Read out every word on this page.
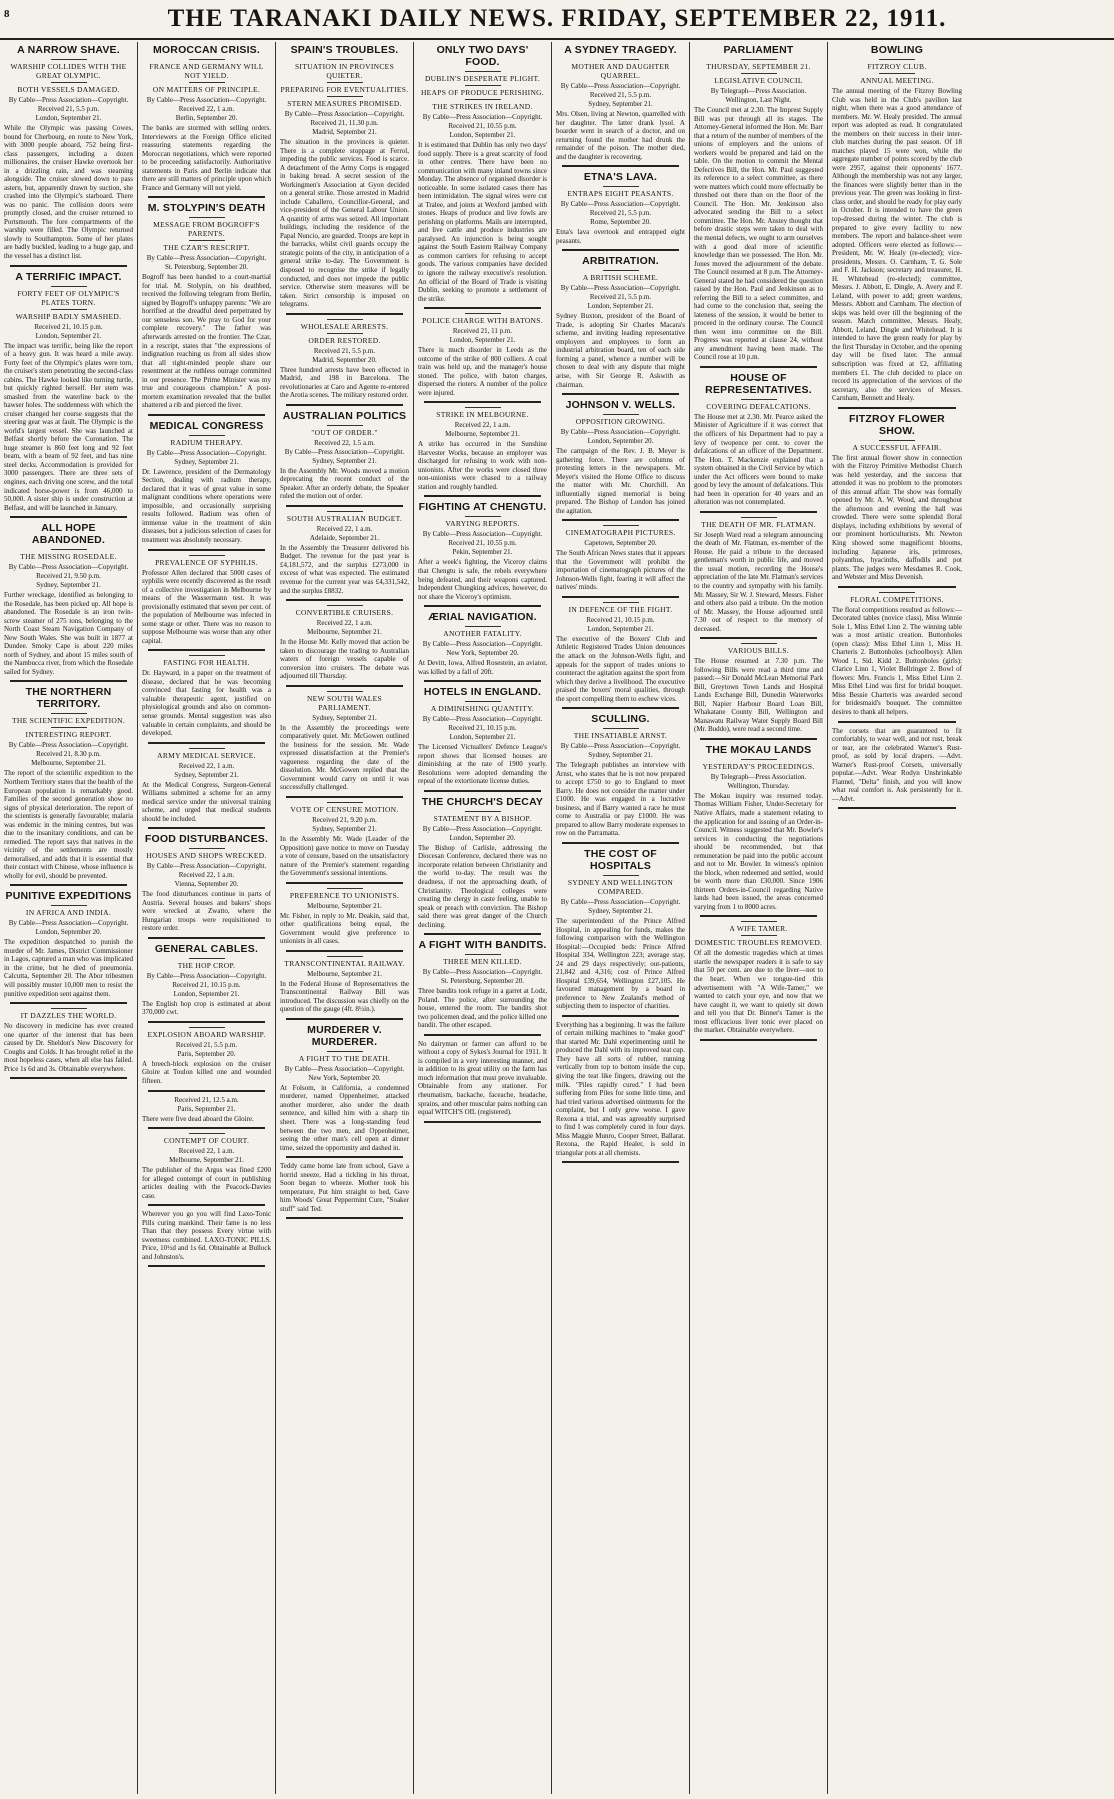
8	THE TARANAKI DAILY NEWS. FRIDAY, SEPTEMBER 22, 1911.
A NARROW SHAVE.
WARSHIP COLLIDES WITH THE GREAT OLYMPIC.
BOTH VESSELS DAMAGED.
By Cable—Press Association—Copyright.
Received 21, 5.5 p.m.
London, September 21.
While the Olympic was passing Cowes, bound for Cherbourg, en route to New York, with 3000 people aboard, 752 being first-class passengers, including a dozen millionaires, the cruiser Hawke overtook her in a drizzling rain, and was steaming alongside. The cruiser slowed down to pass astern, but, apparently drawn by suction, she crashed into the Olympic's starboard. There was no panic. The collision doors were promptly closed, and the cruiser returned to Portsmouth. The fore compartments of the warship were filled. The Olympic returned slowly to Southampton. Some of her plates are badly buckled, leading to a huge gap, and the vessel has a distinct list.
A TERRIFIC IMPACT.
FORTY FEET OF OLYMPIC'S PLATES TORN.
WARSHIP BADLY SMASHED.
Received 21, 10.15 p.m.
London, September 21.
The impact was terrific, being like the report of a heavy gun. It was heard a mile away. Forty feet of the Olympic's plates were torn, the cruiser's stem penetrating the second-class cabins. The Hawke looked like turning turtle, but quickly righted herself. Her stem was smashed from the waterline back to the hawser holes. The suddenness with which the cruiser changed her course suggests that the steering gear was at fault. The Olympic is the world's largest vessel. She was launched at Belfast shortly before the Coronation. The huge steamer is 860 feet long and 92 feet beam, with a beam of 92 feet, and has nine steel decks. Accommodation is provided for 3000 passengers. There are three sets of engines, each driving one screw, and the total indicated horse-power is from 46,000 to 50,000. A sister ship is under construction at Belfast, and will be launched in January.
ALL HOPE ABANDONED.
THE MISSING ROSEDALE.
By Cable—Press Association—Copyright.
Received 21, 9.50 p.m.
Sydney, September 21.
Further wreckage, identified as belonging to the Rosedale, has been picked up. All hope is abandoned. The Rosedale is an iron twin-screw steamer of 275 tons, belonging to the North Coast Steam Navigation Company of New South Wales. She was built in 1877 at Dundee. Smoky Cape is about 220 miles north of Sydney, and about 15 miles south of the Nambucca river, from which the Rosedale sailed for Sydney.
THE NORTHERN TERRITORY.
THE SCIENTIFIC EXPEDITION.
INTERESTING REPORT.
By Cable—Press Association—Copyright.
Received 21, 8.30 p.m.
Melbourne, September 21.
The report of the scientific expedition to the Northern Territory states that the health of the European population is remarkably good. Families of the second generation show no signs of physical deterioration. The report of the scientists is generally favourable; malaria was endemic in the mining centres, but was due to the insanitary conditions, and can be remedied. The report says that natives in the vicinity of the settlements are mostly demoralised, and adds that it is essential that their contact with Chinese, whose influence is wholly for evil, should be prevented.
PUNITIVE EXPEDITIONS
IN AFRICA AND INDIA.
By Cable—Press Association—Copyright.
London, September 20.
The expedition despatched to punish the murder of Mr. James, District Commissioner in Lagos, captured a man who was implicated in the crime, but he died of pneumonia. Calcutta, September 20. The Abor tribesmen will possibly muster 10,000 men to resist the punitive expedition sent against them.
IT DAZZLES THE WORLD.
No discovery in medicine has ever created one quarter of the interest that has been caused by Dr. Sheldon's New Discovery for Coughs and Colds. It has brought relief in the most hopeless cases, when all else has failed. Price 1s 6d and 3s. Obtainable everywhere.
MOROCCAN CRISIS.
FRANCE AND GERMANY WILL NOT YIELD.
ON MATTERS OF PRINCIPLE.
By Cable—Press Association—Copyright.
Received 22, 1 a.m.
Berlin, September 20.
The banks are stormed with selling orders. Interviewers at the Foreign Office elicited reassuring statements regarding the Moroccan negotiations, which were reported to be proceeding satisfactorily. Authoritative statements in Paris and Berlin indicate that there are still matters of principle upon which France and Germany will not yield.
M. STOLYPIN'S DEATH
MESSAGE FROM BOGROFF'S PARENTS.
THE CZAR'S RESCRIPT.
By Cable—Press Association—Copyright.
St. Petersburg, September 20.
Bogroff has been handed to a court-martial for trial. M. Stolypin, on his deathbed, received the following telegram from Berlin, signed by Bogroff's unhappy parents: "We are horrified at the dreadful deed perpetrated by our senseless son. We pray to God for your complete recovery." The father was afterwards arrested on the frontier. The Czar, in a rescript, states that "the expressions of indignation reaching us from all sides show that all right-minded people share our resentment at the ruthless outrage committed in our presence. The Prime Minister was my true and courageous champion." A post-mortem examination revealed that the bullet shattered a rib and pierced the liver.
MEDICAL CONGRESS
RADIUM THERAPY.
By Cable—Press Association—Copyright.
Sydney, September 21.
Dr. Lawrence, president of the Dermatology Section, dealing with radium therapy, declared that it was of great value in some malignant conditions where operations were impossible, and occasionally surprising results followed. Radium was often of immense value in the treatment of skin diseases, but a judicious selection of cases for treatment was absolutely necessary.
PREVALENCE OF SYPHILIS.
Professor Allen declared that 5000 cases of syphilis were recently discovered as the result of a collective investigation in Melbourne by means of the Wassermann test. It was provisionally estimated that seven per cent. of the population of Melbourne was infected in some stage or other. There was no reason to suppose Melbourne was worse than any other capital.
FASTING FOR HEALTH.
Dr. Hayward, in a paper on the treatment of disease, declared that he was becoming convinced that fasting for health was a valuable therapeutic agent, justified on physiological grounds and also on common-sense grounds. Mental suggestion was also valuable in certain complaints, and should be developed.
ARMY MEDICAL SERVICE.
Received 22, 1 a.m.
Sydney, September 21.
At the Medical Congress, Surgeon-General Williams submitted a scheme for an army medical service under the universal training scheme, and urged that medical students should be included.
FOOD DISTURBANCES.
HOUSES AND SHOPS WRECKED.
By Cable—Press Association—Copyright.
Received 22, 1 a.m.
Vienna, September 20.
The food disturbances continue in parts of Austria. Several houses and bakers' shops were wrecked at Zwatto, where the Hungarian troops were requisitioned to restore order.
GENERAL CABLES.
THE HOP CROP.
By Cable—Press Association—Copyright.
Received 21, 10.15 p.m.
London, September 21.
The English hop crop is estimated at about 370,000 cwt.
EXPLOSION ABOARD WARSHIP.
Received 21, 5.5 p.m.
Paris, September 20.
A breech-block explosion on the cruiser Gloire at Toulon killed one and wounded fifteen.
Received 21, 12.5 a.m.
Paris, September 21.
There were five dead aboard the Gloire.
CONTEMPT OF COURT.
Received 22, 1 a.m.
Melbourne, September 21.
The publisher of the Argus was fined £200 for alleged contempt of court in publishing articles dealing with the Peacock-Davies case.
Wherever you go you will find Laxo-Tonic Pills curing mankind. Their fame is no less Than that they possess Every virtue with sweetness combined. LAXO-TONIC PILLS. Price, 10½d and 1s 6d. Obtainable at Bullock and Johnston's.
SPAIN'S TROUBLES.
SITUATION IN PROVINCES QUIETER.
PREPARING FOR EVENTUALITIES.
STERN MEASURES PROMISED.
By Cable—Press Association—Copyright.
Received 21, 11.30 p.m.
Madrid, September 21.
The situation in the provinces is quieter. There is a complete stoppage at Ferrol, impeding the public services. Food is scarce. A detachment of the Army Corps is engaged in baking bread. A secret session of the Workingmen's Association at Gyon decided on a general strike. Those arrested in Madrid include Caballero, Councillor-General, and vice-president of the General Labour Union. A quantity of arms was seized. All important buildings, including the residence of the Papal Nuncio, are guarded. Troops are kept in the barracks, whilst civil guards occupy the strategic points of the city, in anticipation of a general strike to-day. The Government is disposed to recognise the strike if legally conducted, and does not impede the public service. Otherwise stern measures will be taken. Strict censorship is imposed on telegrams.
WHOLESALE ARRESTS.
ORDER RESTORED.
Received 21, 5.5 p.m.
Madrid, September 20.
Three hundred arrests have been effected in Madrid, and 198 in Barcelona. The revolutionaries at Caro and Agente re-entered the Arotia scenes. The military restored order.
AUSTRALIAN POLITICS
"OUT OF ORDER."
Received 22, 1.5 a.m.
By Cable—Press Association—Copyright.
Sydney, September 21.
In the Assembly Mr. Woods moved a motion deprecating the recent conduct of the Speaker. After an orderly debate, the Speaker ruled the motion out of order.
SOUTH AUSTRALIAN BUDGET.
Received 22, 1 a.m.
Adelaide, September 21.
In the Assembly the Treasurer delivered his Budget. The revenue for the past year is £4,181,572, and the surplus £273,000 in excess of what was expected. The estimated revenue for the current year was £4,331,542, and the surplus £8832.
CONVERTIBLE CRUISERS.
Received 22, 1 a.m.
Melbourne, September 21.
In the House Mr. Kelly moved that action be taken to discourage the trading to Australian waters of foreign vessels capable of conversion into cruisers. The debate was adjourned till Thursday.
NEW SOUTH WALES PARLIAMENT.
Sydney, September 21.
In the Assembly the proceedings were comparatively quiet. Mr. McGowen outlined the business for the session. Mr. Wade expressed dissatisfaction at the Premier's vagueness regarding the date of the dissolution. Mr. McGowen replied that the Government would carry on until it was successfully challenged.
VOTE OF CENSURE MOTION.
Received 21, 9.20 p.m.
Sydney, September 21.
In the Assembly Mr. Wade (Leader of the Opposition) gave notice to move on Tuesday a vote of censure, based on the unsatisfactory nature of the Premier's statement regarding the Government's sessional intentions.
PREFERENCE TO UNIONISTS.
Melbourne, September 21.
Mr. Fisher, in reply to Mr. Deakin, said that, other qualifications being equal, the Government would give preference to unionists in all cases.
TRANSCONTINENTAL RAILWAY.
Melbourne, September 21.
In the Federal House of Representatives the Transcontinental Railway Bill was introduced. The discussion was chiefly on the question of the gauge (4ft. 8½in.).
MURDERER V. MURDERER.
A FIGHT TO THE DEATH.
By Cable—Press Association—Copyright.
New York, September 20.
At Folsom, in California, a condemned murderer, named Oppenheimer, attacked another murderer, also under the death sentence, and killed him with a sharp tin sheet. There was a long-standing feud between the two men, and Oppenheimer, seeing the other man's cell open at dinner time, seized the opportunity and dashed in.
Teddy came home late from school, Gave a horrid sneeze, Had a tickling in his throat, Soon began to wheeze. Mother took his temperature, Put him straight to bed, Gave him Woods' Great Peppermint Cure, "Soaker stuff" said Ted.
ONLY TWO DAYS' FOOD.
DUBLIN'S DESPERATE PLIGHT.
HEAPS OF PRODUCE PERISHING.
THE STRIKES IN IRELAND.
By Cable—Press Association—Copyright.
Received 21, 10.55 p.m.
London, September 21.
It is estimated that Dublin has only two days' food supply. There is a great scarcity of food in other centres. There have been no communication with many inland towns since Monday. The absence of organised disorder is noticeable. In some isolated cases there has been intimidation. The signal wires were cut at Tralee, and joints at Wexford jambed with stones. Heaps of produce and live fowls are perishing on platforms. Mails are interrupted, and live cattle and produce industries are paralysed. An injunction is being sought against the South Eastern Railway Company as common carriers for refusing to accept goods. The various companies have decided to ignore the railway executive's resolution. An official of the Board of Trade is visiting Dublin, seeking to promote a settlement of the strike.
POLICE CHARGE WITH BATONS.
Received 21, 11 p.m.
London, September 21.
There is much disorder in Leeds as the outcome of the strike of 800 colliers. A coal train was held up, and the manager's house stoned. The police, with baton charges, dispersed the rioters. A number of the police were injured.
STRIKE IN MELBOURNE.
Received 22, 1 a.m.
Melbourne, September 21.
A strike has occurred in the Sunshine Harvester Works, because an employer was discharged for refusing to work with non-unionists. After the works were closed three non-unionists were chased to a railway station and roughly handled.
FIGHTING AT CHENGTU.
VARYING REPORTS.
By Cable—Press Association—Copyright.
Received 21, 10.55 p.m.
Pekin, September 21.
After a week's fighting, the Viceroy claims that Chengtu is safe, the rebels everywhere being defeated, and their weapons captured. Independent Chungking advices, however, do not share the Viceroy's optimism.
ÆRIAL NAVIGATION.
ANOTHER FATALITY.
By Cable—Press Association—Copyright.
New York, September 20.
At Devitt, Iowa, Alfred Rosestein, an aviator, was killed by a fall of 20ft.
HOTELS IN ENGLAND.
A DIMINISHING QUANTITY.
By Cable—Press Association—Copyright.
Received 21, 10.15 p.m.
London, September 21.
The Licensed Victuallers' Defence League's report shows that licensed houses are diminishing at the rate of 1900 yearly. Resolutions were adopted demanding the repeal of the extortionate license duties.
THE CHURCH'S DECAY
STATEMENT BY A BISHOP.
By Cable—Press Association—Copyright.
London, September 20.
The Bishop of Carlisle, addressing the Diocesan Conference, declared there was no incorporate relation between Christianity and the world to-day. The result was the deadness, if not the approaching death, of Christianity. Theological colleges were creating the clergy in caste feeling, unable to speak or preach with conviction. The Bishop said there was great danger of the Church declining.
A FIGHT WITH BANDITS.
THREE MEN KILLED.
By Cable—Press Association—Copyright.
St. Petersburg, September 20.
Three bandits took refuge in a garret at Lodz, Poland. The police, after surrounding the house, entered the room. The bandits shot two policemen dead, and the police killed one bandit. The other escaped.
No dairyman or farmer can afford to be without a copy of Sykes's Journal for 1911. It is compiled in a very interesting manner, and in addition to its great utility on the farm has much information that must prove invaluable. Obtainable from any stationer. For rheumatism, backache, faceache, headache, sprains, and other muscular pains nothing can equal WITCH'S OIL (registered).
A SYDNEY TRAGEDY.
MOTHER AND DAUGHTER QUARREL.
By Cable—Press Association—Copyright.
Received 21, 5.5 p.m.
Sydney, September 21.
Mrs. Olsen, living at Newton, quarrelled with her daughter. The latter drank lysol. A boarder went in search of a doctor, and on returning found the mother had drunk the remainder of the poison. The mother died, and the daughter is recovering.
ETNA'S LAVA.
ENTRAPS EIGHT PEASANTS.
By Cable—Press Association—Copyright.
Received 21, 5.5 p.m.
Rome, September 20.
Etna's lava overtook and entrapped eight peasants.
ARBITRATION.
A BRITISH SCHEME.
By Cable—Press Association—Copyright.
Received 21, 5.5 p.m.
London, September 21.
Sydney Buxton, president of the Board of Trade, is adopting Sir Charles Macara's scheme, and inviting leading representative employers and employees to form an industrial arbitration board, ten of each side forming a panel, whence a number will be chosen to deal with any dispute that might arise, with Sir George R. Askwith as chairman.
JOHNSON V. WELLS.
OPPOSITION GROWING.
By Cable—Press Association—Copyright.
London, September 20.
The campaign of the Rev. J. B. Meyer is gathering force. There are columns of protesting letters in the newspapers. Mr. Meyer's visited the Home Office to discuss the matter with Mr. Churchill. An influentially signed memorial is being prepared. The Bishop of London has joined the agitation.
CINEMATOGRAPH PICTURES.
Capetown, September 20.
The South African News states that it appears that the Government will prohibit the importation of cinematograph pictures of the Johnson-Wells fight, fearing it will affect the natives' minds.
IN DEFENCE OF THE FIGHT.
Received 21, 10.15 p.m.
London, September 21.
The executive of the Boxers' Club and Athletic Registered Trades Union denounces the attack on the Johnson-Wells fight, and appeals for the support of trades unions to counteract the agitation against the sport from which they derive a livelihood. The executive praised the boxers' moral qualities, through the sport compelling them to eschew vices.
SCULLING.
THE INSATIABLE ARNST.
By Cable—Press Association—Copyright.
Sydney, September 21.
The Telegraph publishes an interview with Arnst, who states that he is not now prepared to accept £750 to go to England to meet Barry. He does not consider the matter under £1000. He was engaged in a lucrative business, and if Barry wanted a race he must come to Australia or pay £1000. He was prepared to allow Barry moderate expenses to row on the Parramatta.
THE COST OF HOSPITALS
SYDNEY AND WELLINGTON COMPARED.
By Cable—Press Association—Copyright.
Sydney, September 21.
The superintendent of the Prince Alfred Hospital, in appealing for funds, makes the following comparison with the Wellington Hospital:—Occupied beds: Prince Alfred Hospital 334, Wellington 223; average stay, 24 and 29 days respectively; out-patients, 21,842 and 4,316; cost of Prince Alfred Hospital £39,654, Wellington £27,105. He favoured management by a board in preference to New Zealand's method of subjecting them to inspector of charities.
Everything has a beginning. It was the failure of certain milking machines to "make good" that started Mr. Dahl experimenting until he produced the Dahl with its improved teat cup. They have all sorts of rubber, running vertically from top to bottom inside the cup, giving the teat like fingers, drawing out the milk. "Piles rapidly cured." I had been suffering from Piles for some little time, and had tried various advertised ointments for the complaint, but I only grew worse. I gave Rexona a trial, and was agreeably surprised to find I was completely cured in four days. Miss Maggie Munro, Cooper Street, Ballarat. Rexona, the Rapid Healer, is sold in triangular pots at all chemists.
PARLIAMENT
THURSDAY, SEPTEMBER 21.
LEGISLATIVE COUNCIL
By Telegraph—Press Association.
Wellington, Last Night.
The Council met at 2.30. The Imprest Supply Bill was put through all its stages. The Attorney-General informed the Hon. Mr. Barr that a return of the number of members of the unions of employers and the unions of workers would be prepared and laid on the table. On the motion to commit the Mental Defectives Bill, the Hon. Mr. Paul suggested its reference to a select committee, as there were matters which could more effectually be threshed out there than on the floor of the Council. The Hon. Mr. Jenkinson also advocated sending the Bill to a select committee. The Hon. Mr. Anstey thought that before drastic steps were taken to deal with the mental defects, we ought to arm ourselves with a good deal more of scientific knowledge than we possessed. The Hon. Mr. Jones moved the adjournment of the debate. The Council resumed at 8 p.m. The Attorney-General stated he had considered the question raised by the Hon. Paul and Jenkinson as to referring the Bill to a select committee, and had come to the conclusion that, seeing the lateness of the session, it would be better to proceed in the ordinary course. The Council then went into committee on the Bill. Progress was reported at clause 24, without any amendment having been made. The Council rose at 10 p.m.
HOUSE OF REPRESENTATIVES.
COVERING DEFALCATIONS.
The House met at 2.30. Mr. Pearce asked the Minister of Agriculture if it was correct that the officers of his Department had to pay a levy of twopence per cent. to cover the defalcations of an officer of the Department. The Hon. T. Mackenzie explained that a system obtained in the Civil Service by which under the Act officers were bound to make good by levy the amount of defalcations. This had been in operation for 40 years and an alteration was not contemplated.
THE DEATH OF MR. FLATMAN.
Sir Joseph Ward read a telegram announcing the death of Mr. Flatman, ex-member of the House. He paid a tribute to the deceased gentleman's worth in public life, and moved the usual motion, recording the House's appreciation of the late Mr. Flatman's services to the country and sympathy with his family. Mr. Massey, Sir W. J. Steward, Messrs. Fisher and others also paid a tribute. On the motion of Mr. Massey, the House adjourned until 7.30 out of respect to the memory of deceased.
VARIOUS BILLS.
The House resumed at 7.30 p.m. The following Bills were read a third time and passed:—Sir Donald McLean Memorial Park Bill, Greytown Town Lands and Hospital Lands Exchange Bill, Dunedin Waterworks Bill, Napier Harbour Board Loan Bill, Whakatane County Bill, Wellington and Manawatu Railway Water Supply Board Bill (Mr. Buddo), were read a second time.
THE MOKAU LANDS
YESTERDAY'S PROCEEDINGS.
By Telegraph—Press Association.
Wellington, Thursday.
The Mokau inquiry was resumed today. Thomas William Fisher, Under-Secretary for Native Affairs, made a statement relating to the application for and issuing of an Order-in-Council. Witness suggested that Mr. Bowler's services in conducting the negotiations should be recommended, but that remuneration be paid into the public account and not to Mr. Bowler. In witness's opinion the block, when redeemed and settled, would be worth more than £30,000. Since 1906 thirteen Orders-in-Council regarding Native lands had been issued, the areas concerned varying from 1 to 8000 acres.
A WIFE TAMER.
DOMESTIC TROUBLES REMOVED.
Of all the domestic tragedies which at times startle the newspaper readers it is safe to say that 50 per cent. are due to the liver—not to the heart. When we tongue-tied this advertisement with "A Wife-Tamer," we wanted to catch your eye, and now that we have caught it, we want to quietly sit down and tell you that Dr. Binner's Tamer is the most efficacious liver tonic ever placed on the market. Obtainable everywhere.
BOWLING
FITZROY CLUB.
ANNUAL MEETING.
The annual meeting of the Fitzroy Bowling Club was held in the Club's pavilion last night, when there was a good attendance of members. Mr. W. Healy presided. The annual report was adopted as read. It congratulated the members on their success in their inter-club matches during the past season. Of 18 matches played 15 were won, while the aggregate number of points scored by the club were 2957, against their opponents' 1677. Although the membership was not any larger, the finances were slightly better than in the previous year. The green was looking in first-class order, and should be ready for play early in October. It is intended to have the green top-dressed during the winter. The club is prepared to give every facility to new members. The report and balance-sheet were adopted. Officers were elected as follows:—President, Mr. W. Healy (re-elected); vice-presidents, Messrs. O. Carnham, T. G. Sole and F. H. Jackson; secretary and treasurer, H. H. Whitehead (re-elected); committee, Messrs. J. Abbott, E. Dingle, A. Avery and F. Leland, with power to add; green wardens, Messrs. Abbott and Carnham. The election of skips was held over till the beginning of the season. Match committee, Messrs. Healy, Abbott, Leland, Dingle and Whitehead. It is intended to have the green ready for play by the first Thursday in October, and the opening day will be fixed later. The annual subscription was fixed at £2, affiliating members £1. The club decided to place on record its appreciation of the services of the secretary, also the services of Messrs. Carnham, Bennett and Healy.
FITZROY FLOWER SHOW.
A SUCCESSFUL AFFAIR.
The first annual flower show in connection with the Fitzroy Primitive Methodist Church was held yesterday, and the success that attended it was no problem to the promoters of this annual affair. The show was formally opened by Mr. A. W. Wood, and throughout the afternoon and evening the hall was crowded. There were some splendid floral displays, including exhibitions by several of our prominent horticulturists. Mr. Newton King showed some magnificent blooms, including Japanese iris, primroses, polyanthus, hyacinths, daffodils and pot plants. The judges were Mesdames R. Cook, and Webster and Miss Devenish.
FLORAL COMPETITIONS.
The floral competitions resulted as follows:—Decorated tables (novice class), Miss Winnie Sole 1, Miss Ethel Linn 2. The winning table was a most artistic creation. Buttonholes (open class): Miss Ethel Linn 1, Miss H. Charteris 2. Buttonholes (schoolboys): Allen Wood 1, Sid. Kidd 2. Buttonholes (girls): Clarice Linn 1, Violet Bellringer 2. Bowl of flowers: Mrs. Francis 1, Miss Ethel Linn 2. Miss Ethel Lind was first for bridal bouquet. Miss Bessie Charteris was awarded second for bridesmaid's bouquet. The committee desires to thank all helpers.
The corsets that are guaranteed to fit comfortably, to wear well, and not rust, break or tear, are the celebrated Warner's Rust-proof, as sold by local drapers. —Advt. Warner's Rust-proof Corsets, universally popular.—Advt. Wear Rodyn Unshrinkable Flannel, "Delta" finish, and you will know what real comfort is. Ask persistently for it. —Advt.
